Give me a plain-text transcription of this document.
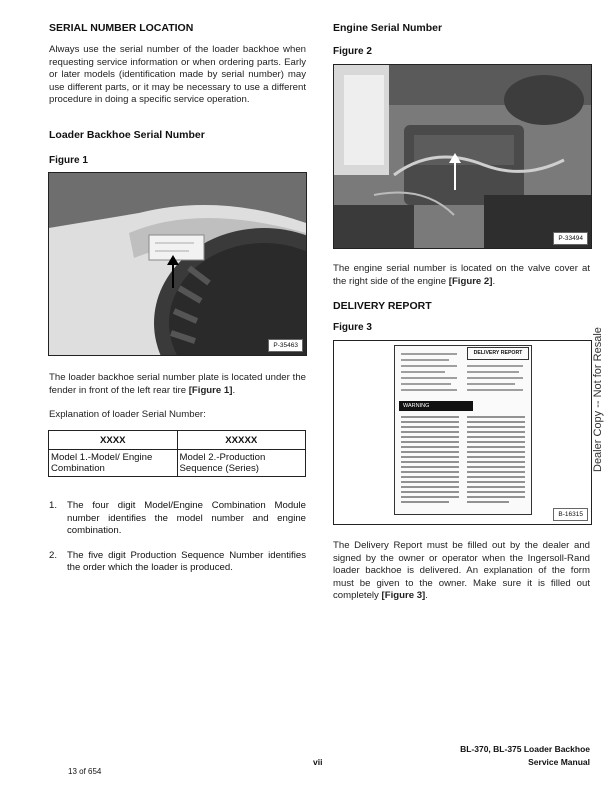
SERIAL NUMBER LOCATION
Always use the serial number of the loader backhoe when requesting service information or when ordering parts. Early or later models (identification made by serial number) may use different parts, or it may be necessary to use a different procedure in doing a specific service operation.
Loader Backhoe Serial Number
Figure 1
P-35463
The loader backhoe serial number plate is located under the fender in front of the left rear tire [Figure 1].
Explanation of loader Serial Number:
XXXX	XXXXX
Model 1.-Model/ Engine Combination	Model 2.-Production Sequence (Series)
1. The four digit Model/Engine Combination Module number identifies the model number and engine combination.
2. The five digit Production Sequence Number identifies the order which the loader is produced.
Engine Serial Number
Figure 2
P-33494
The engine serial number is located on the valve cover at the right side of the engine [Figure 2].
DELIVERY REPORT
Figure 3
DELIVERY REPORT
WARNING
B-16315
The Delivery Report must be filled out by the dealer and signed by the owner or operator when the Ingersoll-Rand loader backhoe is delivered. An explanation of the form must be given to the owner. Make sure it is filled out completely [Figure 3].
Dealer Copy -- Not for Resale
vii
BL-370, BL-375 Loader Backhoe
Service Manual
13 of 654
